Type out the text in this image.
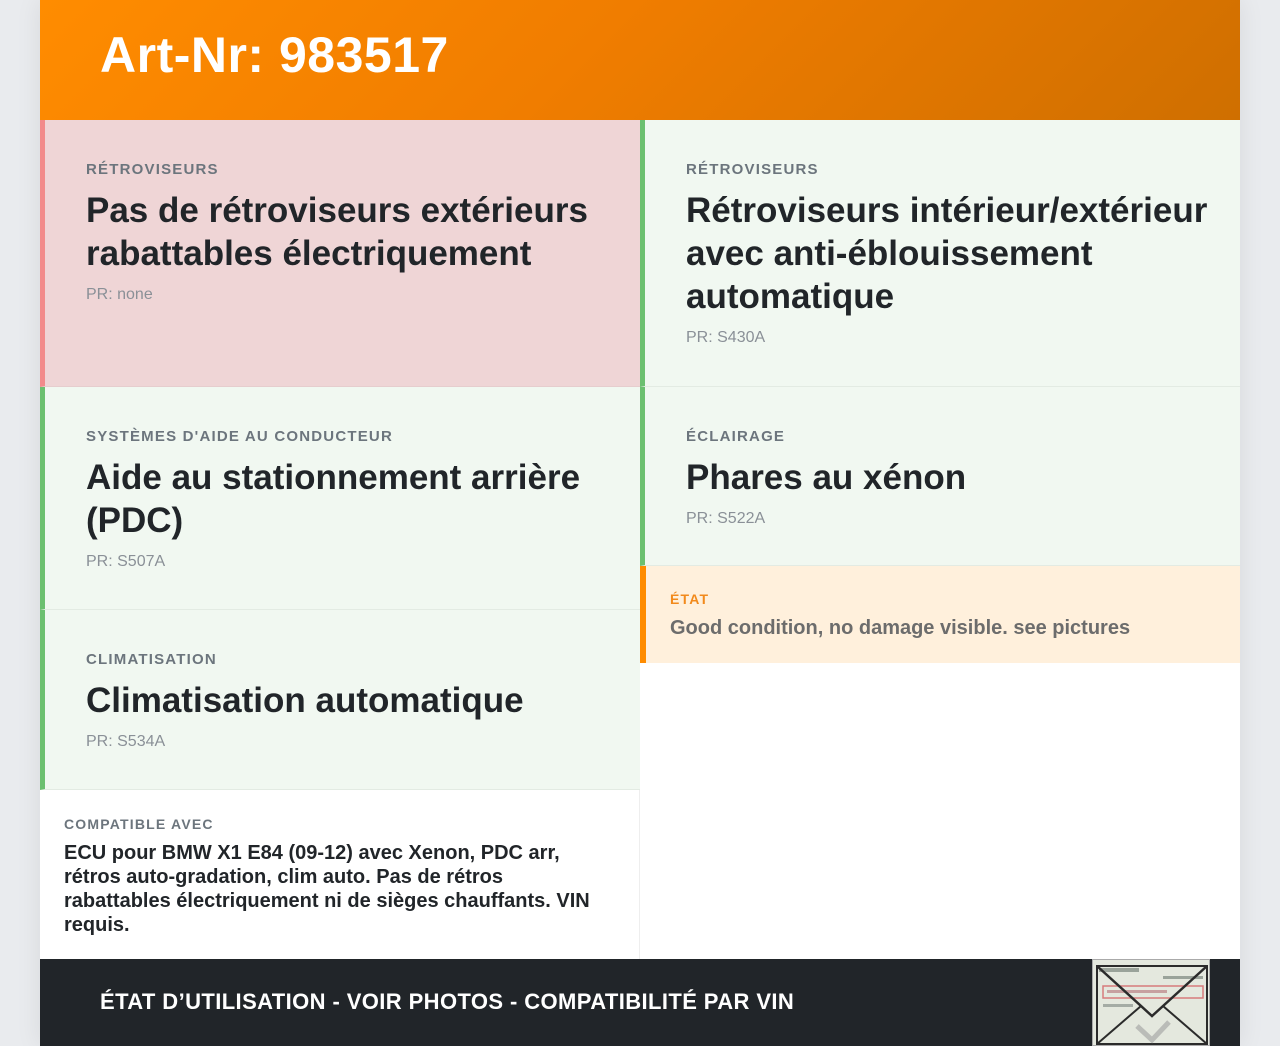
Art-Nr: 983517
RÉTROVISEURS
Pas de rétroviseurs extérieurs rabattables électriquement
PR: none
SYSTÈMES D'AIDE AU CONDUCTEUR
Aide au stationnement arrière (PDC)
PR: S507A
CLIMATISATION
Climatisation automatique
PR: S534A
RÉTROVISEURS
Rétroviseurs intérieur/extérieur avec anti-éblouissement automatique
PR: S430A
ÉCLAIRAGE
Phares au xénon
PR: S522A
ÉTAT
Good condition, no damage visible. see pictures
COMPATIBLE AVEC
ECU pour BMW X1 E84 (09-12) avec Xenon, PDC arr, rétros auto-gradation, clim auto. Pas de rétros rabattables électriquement ni de sièges chauffants. VIN requis.
ÉTAT D’UTILISATION - VOIR PHOTOS - COMPATIBILITÉ PAR VIN
